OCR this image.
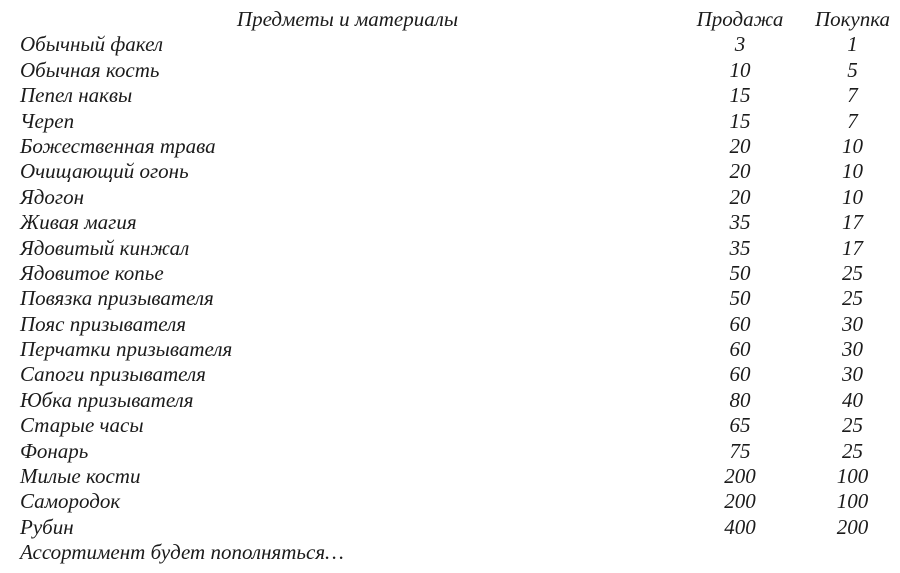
Предметы и материалы	Продажа	Покупка
Обычный факел	3	1
Обычная кость	10	5
Пепел наквы	15	7
Череп	15	7
Божественная трава	20	10
Очищающий огонь	20	10
Ядогон	20	10
Живая магия	35	17
Ядовитый кинжал	35	17
Ядовитое копье	50	25
Повязка призывателя	50	25
Пояс призывателя	60	30
Перчатки призывателя	60	30
Сапоги призывателя	60	30
Юбка призывателя	80	40
Старые часы	65	25
Фонарь	75	25
Милые кости	200	100
Самородок	200	100
Рубин	400	200
Ассортимент будет пополняться…
